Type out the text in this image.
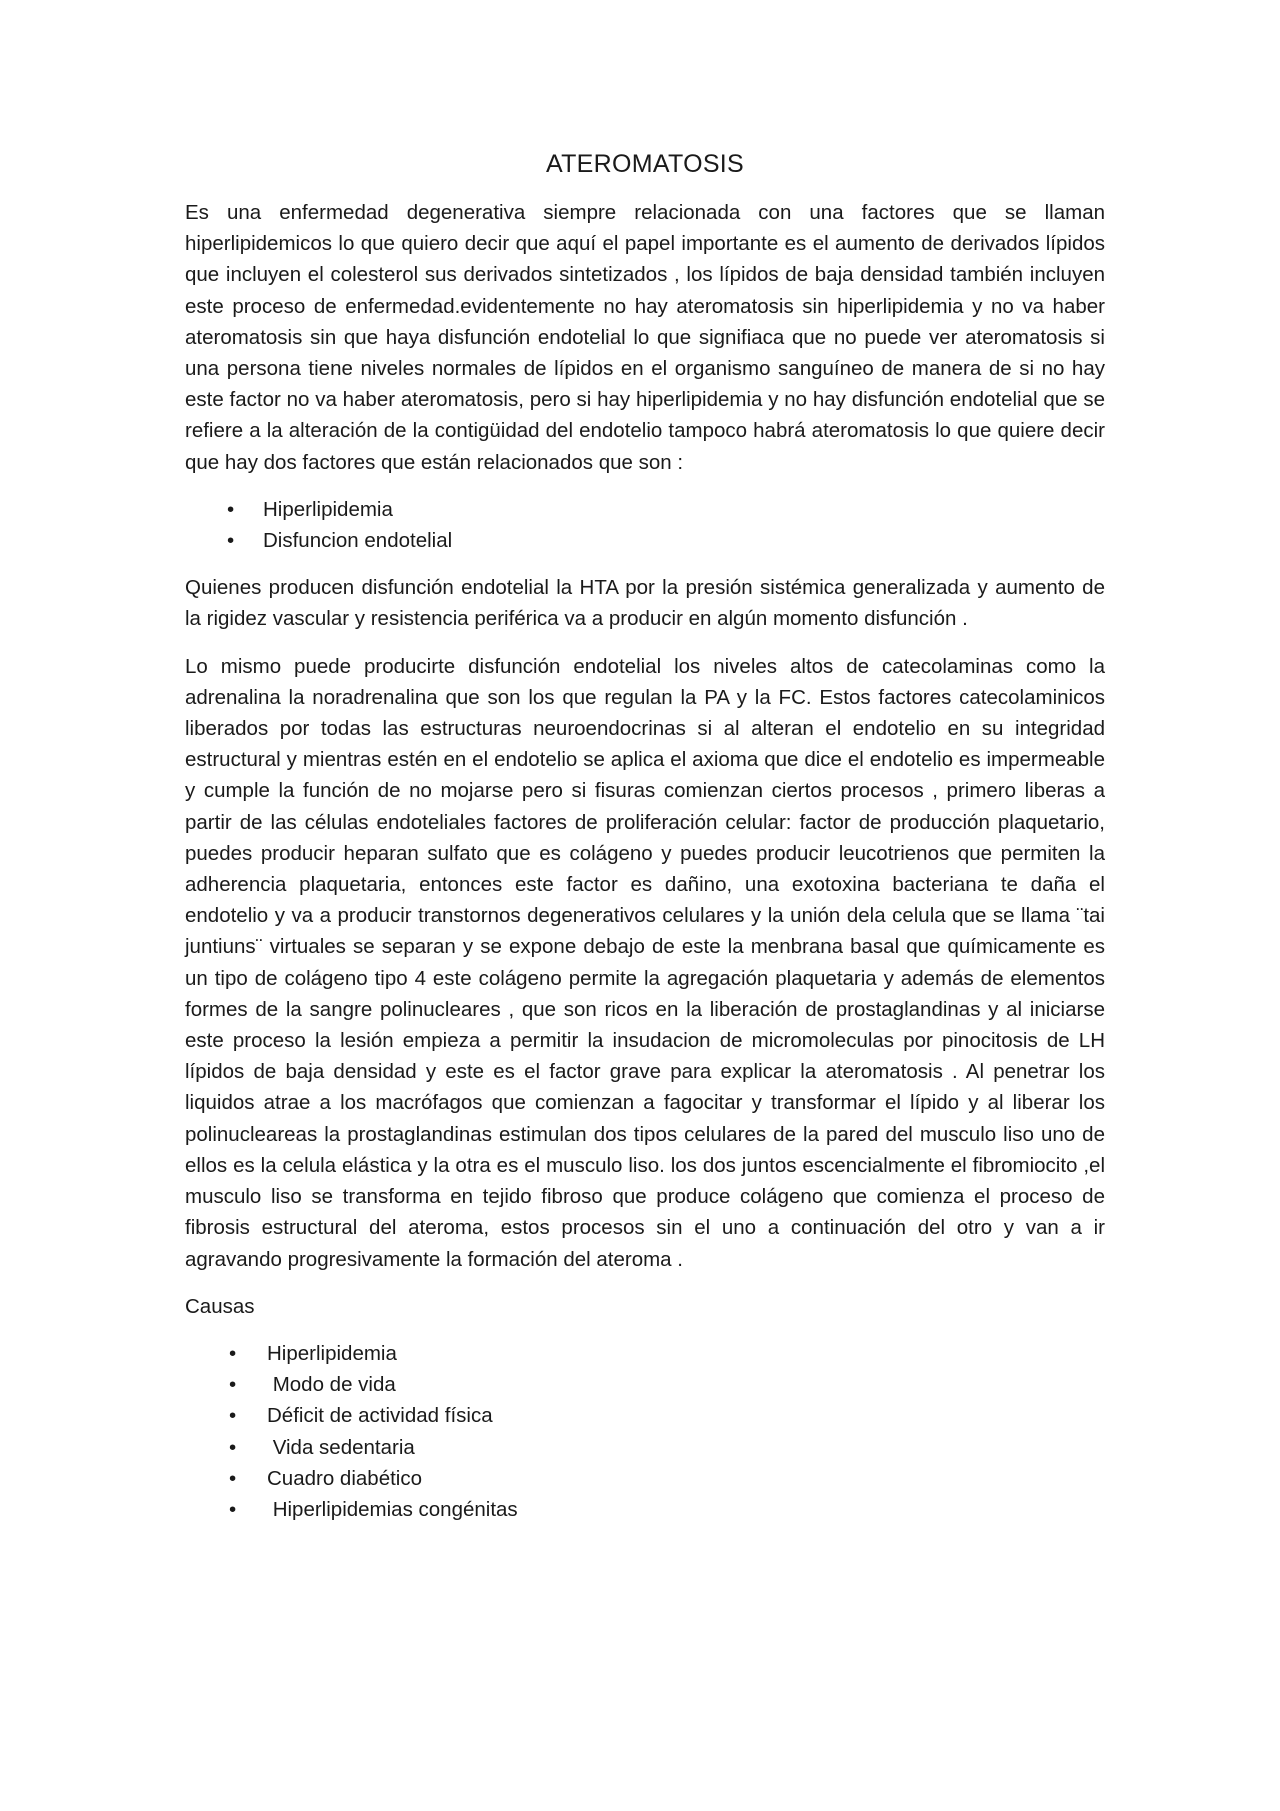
ATEROMATOSIS

Es una enfermedad degenerativa siempre relacionada con una factores que se llaman hiperlipidemicos lo que quiero decir que aquí el papel importante es el aumento de derivados lípidos que incluyen el colesterol sus derivados sintetizados , los lípidos de baja densidad también incluyen este proceso de enfermedad.evidentemente no hay ateromatosis sin hiperlipidemia y no va haber ateromatosis sin que haya disfunción endotelial lo que signifiaca que no puede ver ateromatosis si una persona tiene niveles normales de lípidos en el organismo sanguíneo de manera de si no hay este factor no va haber ateromatosis, pero si hay hiperlipidemia y no hay disfunción endotelial que se refiere a la alteración de la contigüidad del endotelio tampoco habrá ateromatosis lo que quiere decir que hay dos factores que están relacionados que son :

• Hiperlipidemia
• Disfuncion endotelial

Quienes producen disfunción endotelial la HTA por la presión sistémica generalizada y aumento de la rigidez vascular y resistencia periférica va a producir en algún momento disfunción .

Lo mismo puede producirte disfunción endotelial los niveles altos de catecolaminas como la adrenalina la noradrenalina que son los que regulan la PA y la FC. Estos factores catecolaminicos liberados por todas las estructuras neuroendocrinas si al alteran el endotelio en su integridad estructural y mientras estén en el endotelio se aplica el axioma que dice el endotelio es impermeable y cumple la función de no mojarse pero si fisuras comienzan ciertos procesos , primero liberas a partir de las células endoteliales factores de proliferación celular: factor de producción plaquetario, puedes producir heparan sulfato que es colágeno y puedes producir leucotrienos que permiten la adherencia plaquetaria, entonces este factor es dañino, una exotoxina bacteriana te daña el endotelio y va a producir transtornos degenerativos celulares y la unión dela celula que se llama ¨tai juntiuns¨ virtuales se separan y se expone debajo de este la menbrana basal que químicamente es un tipo de colágeno tipo 4 este colágeno permite la agregación plaquetaria y además de elementos formes de la sangre polinucleares , que son ricos en la liberación de prostaglandinas y al iniciarse este proceso la lesión empieza a permitir la insudacion de micromoleculas por pinocitosis de LH lípidos de baja densidad y este es el factor grave para explicar la ateromatosis . Al penetrar los liquidos atrae a los macrófagos que comienzan a fagocitar y transformar el lípido y al liberar los polinucleareas la prostaglandinas estimulan dos tipos celulares de la pared del musculo liso uno de ellos es la celula elástica y la otra es el musculo liso. los dos juntos escencialmente el fibromiocito ,el musculo liso se transforma en tejido fibroso que produce colágeno que comienza el proceso de fibrosis estructural del ateroma, estos procesos sin el uno a continuación del otro y van a ir agravando progresivamente la formación del ateroma .

Causas

• Hiperlipidemia
• Modo de vida
• Déficit de actividad física
• Vida sedentaria
• Cuadro diabético
• Hiperlipidemias congénitas
